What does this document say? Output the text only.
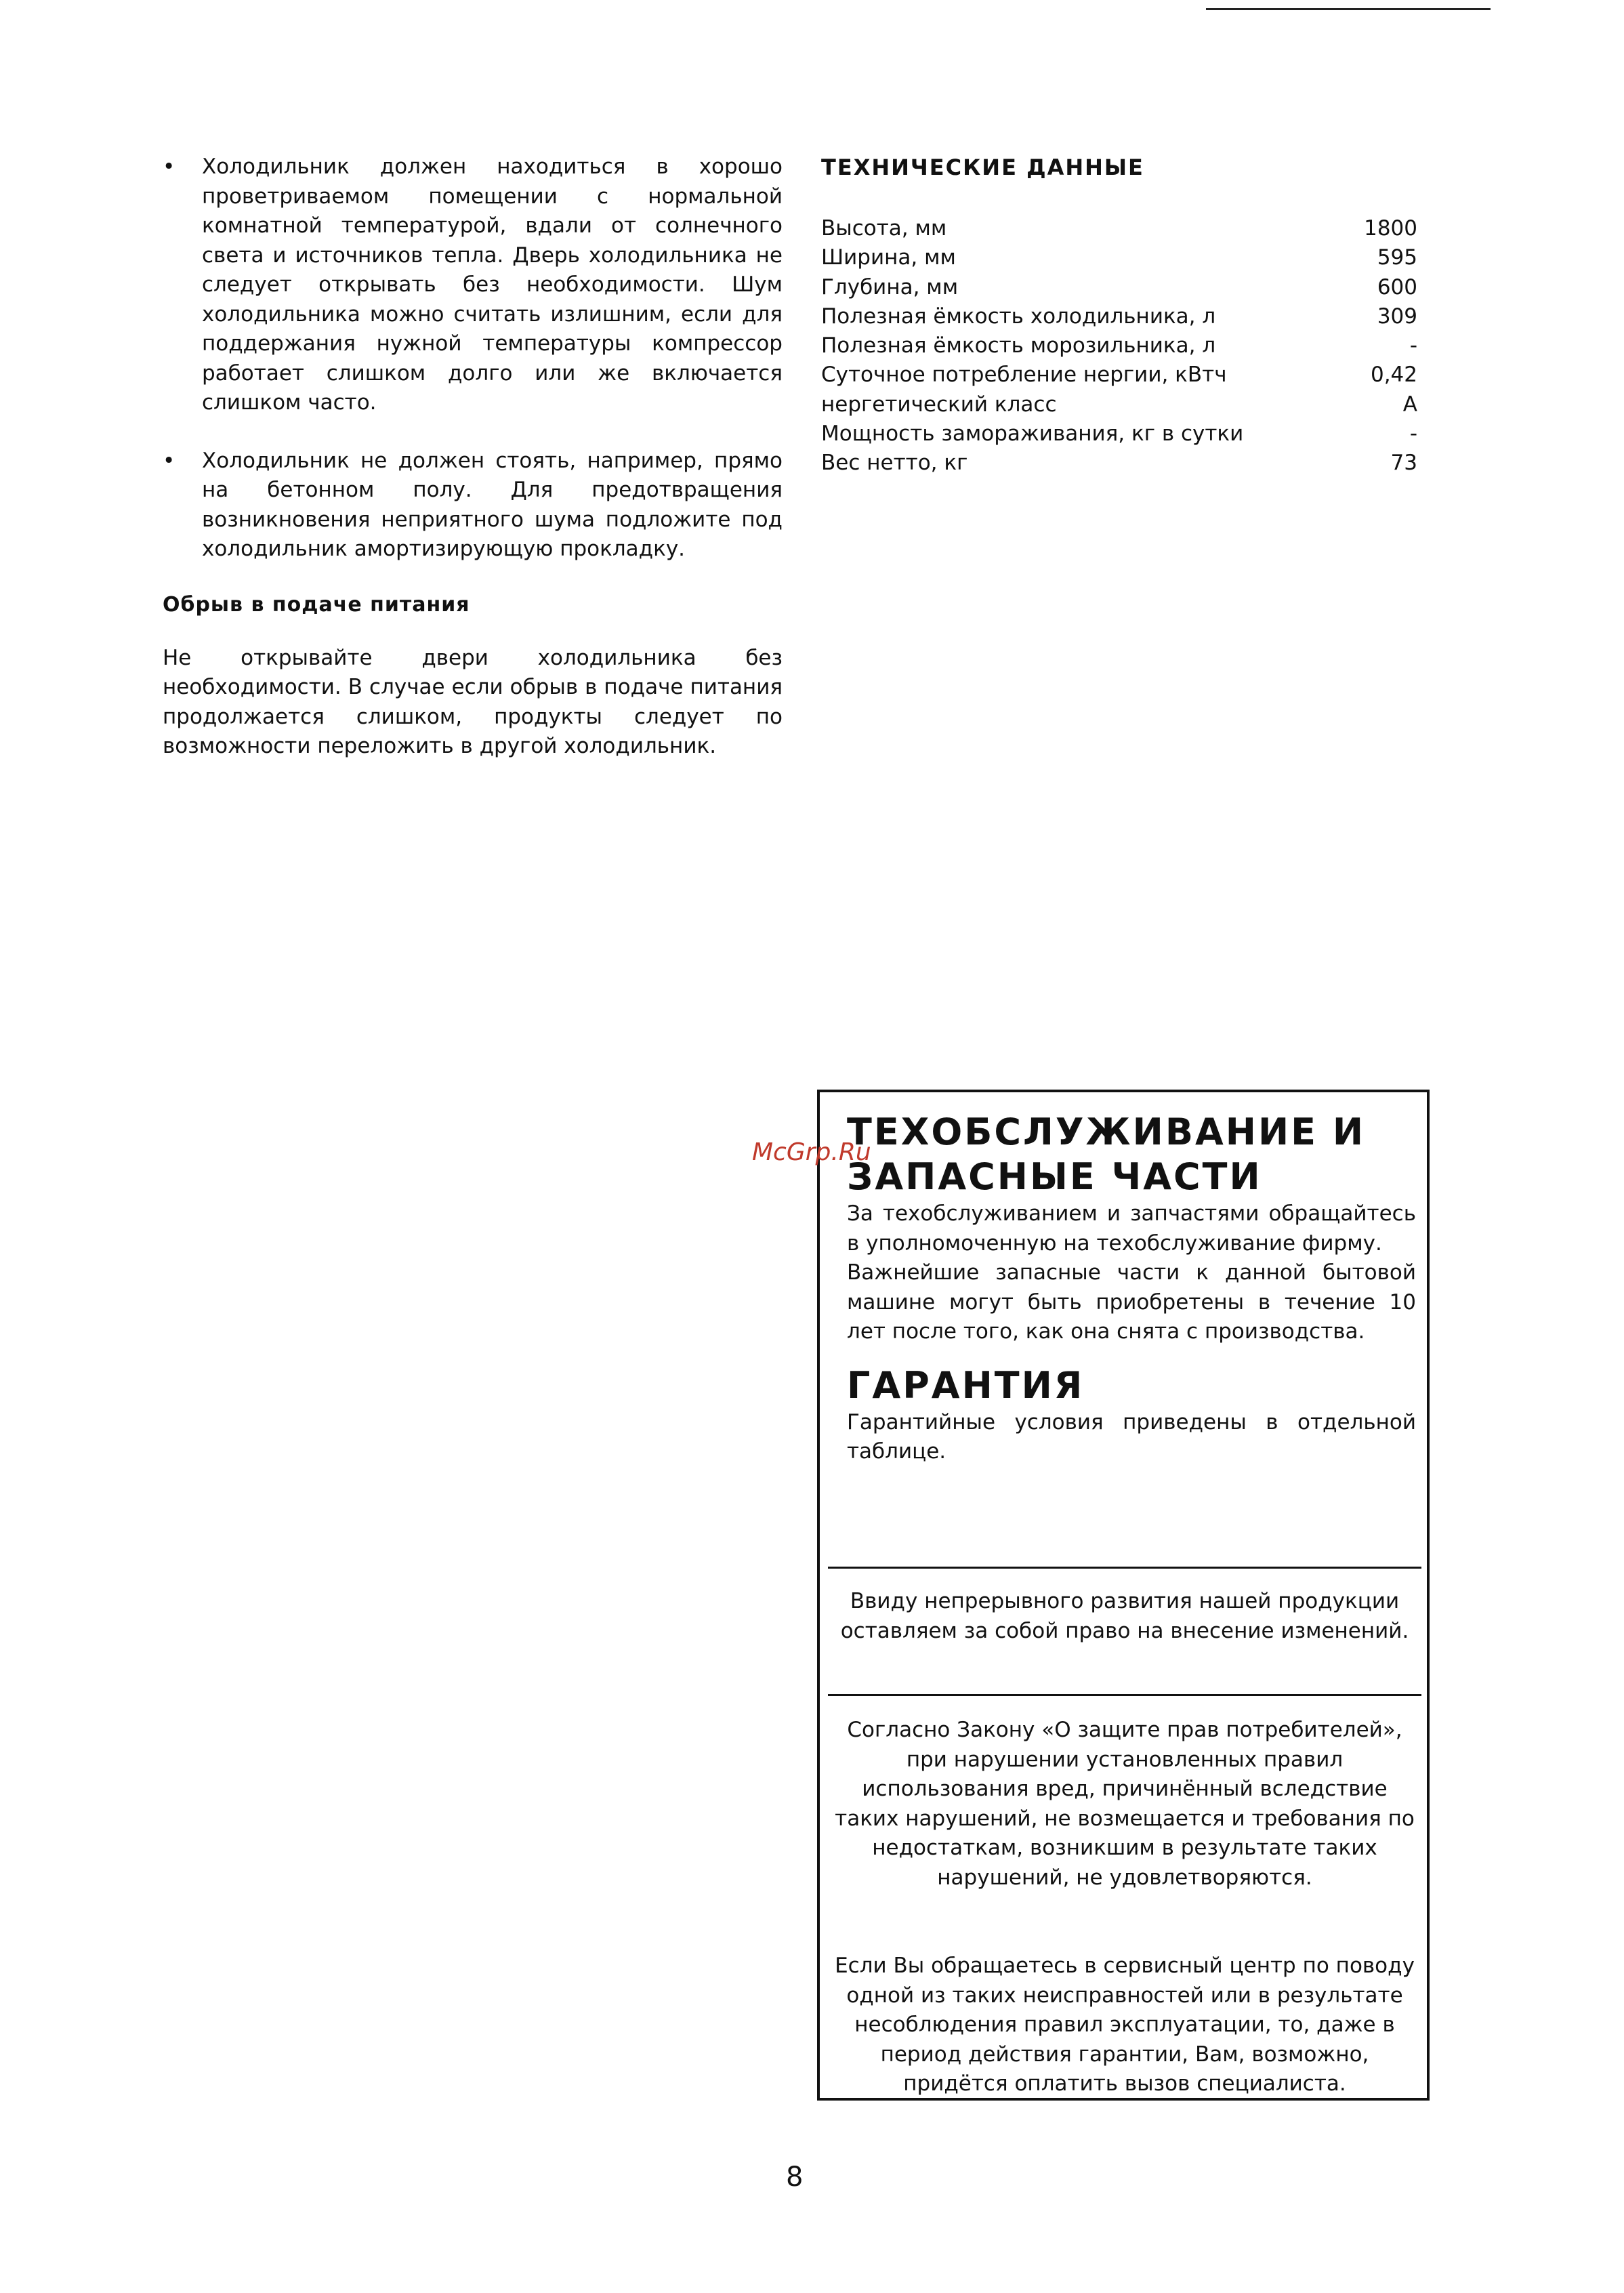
• Холодильник должен находиться в хорошо проветриваемом помещении с нормальной комнатной температурой, вдали от солнечного света и источников тепла. Дверь холодильника не следует открывать без необходимости. Шум холодильника можно считать излишним, если для поддержания нужной температуры компрессор работает слишком долго или же включается слишком часто.
• Холодильник не должен стоять, например, прямо на бетонном полу. Для предотвращения возникновения неприятного шума подложите под холодильник амортизирующую прокладку.
Обрыв в подаче питания
Не открывайте двери холодильника без необходимости. В случае если обрыв в подаче питания продолжается слишком, продукты следует по возможности переложить в другой холодильник.
ТЕХНИЧЕСКИЕ ДАННЫЕ
Высота, мм	1800
Ширина, мм	595
Глубина, мм	600
Полезная ёмкость холодильника, л	309
Полезная ёмкость морозильника, л	-
Суточное потребление нергии, кВтч	0,42
нергетический класс	A
Мощность замораживания, кг в сутки	-
Вес нетто, кг	73
ТЕХОБСЛУЖИВАНИЕ И
ЗАПАСНЫЕ ЧАСТИ
За техобслуживанием и запчастями обращайтесь в уполномоченную на техобслуживание фирму.
Важнейшие запасные части к данной бытовой машине могут быть приобретены в течение 10 лет после того, как она снята с производства.
ГАРАНТИЯ
Гарантийные условия приведены в отдельной таблице.
Ввиду непрерывного развития нашей продукции оставляем за собой право на внесение изменений.
Согласно Закону «О защите прав потребителей», при нарушении установленных правил использования вред, причинённый вследствие таких нарушений, не возмещается и требования по недостаткам, возникшим в результате таких нарушений, не удовлетворяются.
Если Вы обращаетесь в сервисный центр по поводу одной из таких неисправностей или в результате несоблюдения правил эксплуатации, то, даже в период действия гарантии, Вам, возможно, придётся оплатить вызов специалиста.
McGrp.Ru
8
